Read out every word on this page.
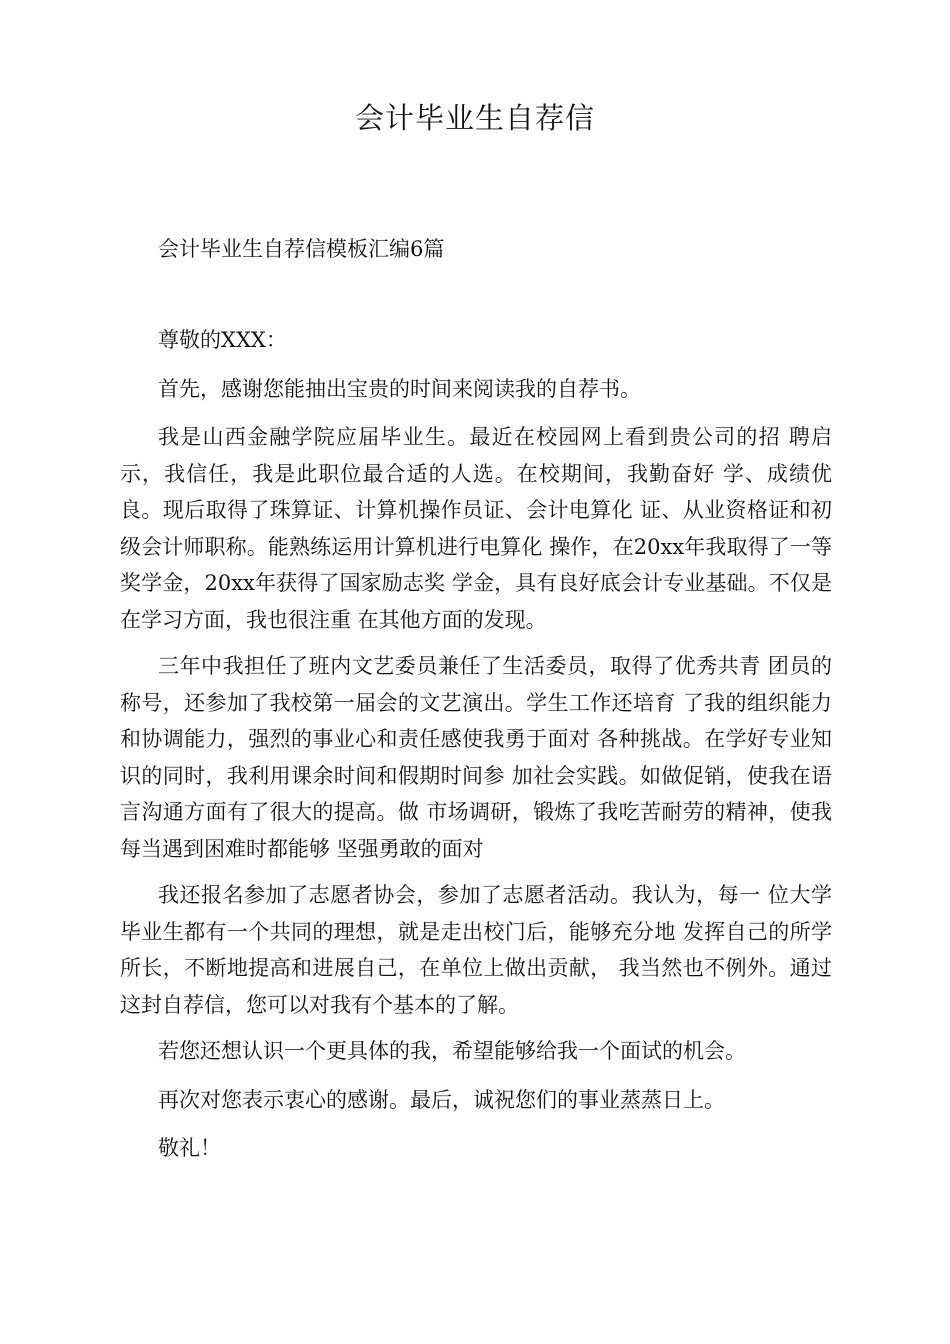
会计毕业生自荐信
会计毕业生自荐信模板汇编6篇

尊敬的XXX：

首先，感谢您能抽出宝贵的时间来阅读我的自荐书。

我是山西金融学院应届毕业生。最近在校园网上看到贵公司的招 聘启示，我信任，我是此职位最合适的人选。在校期间，我勤奋好 学、成绩优良。现后取得了珠算证、计算机操作员证、会计电算化 证、从业资格证和初级会计师职称。能熟练运用计算机进行电算化 操作，在20xx年我取得了一等奖学金，20xx年获得了国家励志奖 学金，具有良好底会计专业基础。不仅是在学习方面，我也很注重 在其他方面的发现。

三年中我担任了班内文艺委员兼任了生活委员，取得了优秀共青 团员的称号，还参加了我校第一届会的文艺演出。学生工作还培育 了我的组织能力和协调能力，强烈的事业心和责任感使我勇于面对 各种挑战。在学好专业知识的同时，我利用课余时间和假期时间参 加社会实践。如做促销，使我在语言沟通方面有了很大的提高。做 市场调研，锻炼了我吃苦耐劳的精神，使我每当遇到困难时都能够 坚强勇敢的面对

我还报名参加了志愿者协会，参加了志愿者活动。我认为，每一 位大学毕业生都有一个共同的理想，就是走出校门后，能够充分地 发挥自己的所学所长，不断地提高和进展自己，在单位上做出贡献， 我当然也不例外。通过这封自荐信，您可以对我有个基本的了解。

若您还想认识一个更具体的我，希望能够给我一个面试的机会。

再次对您表示衷心的感谢。最后，诚祝您们的事业蒸蒸日上。

敬礼！
